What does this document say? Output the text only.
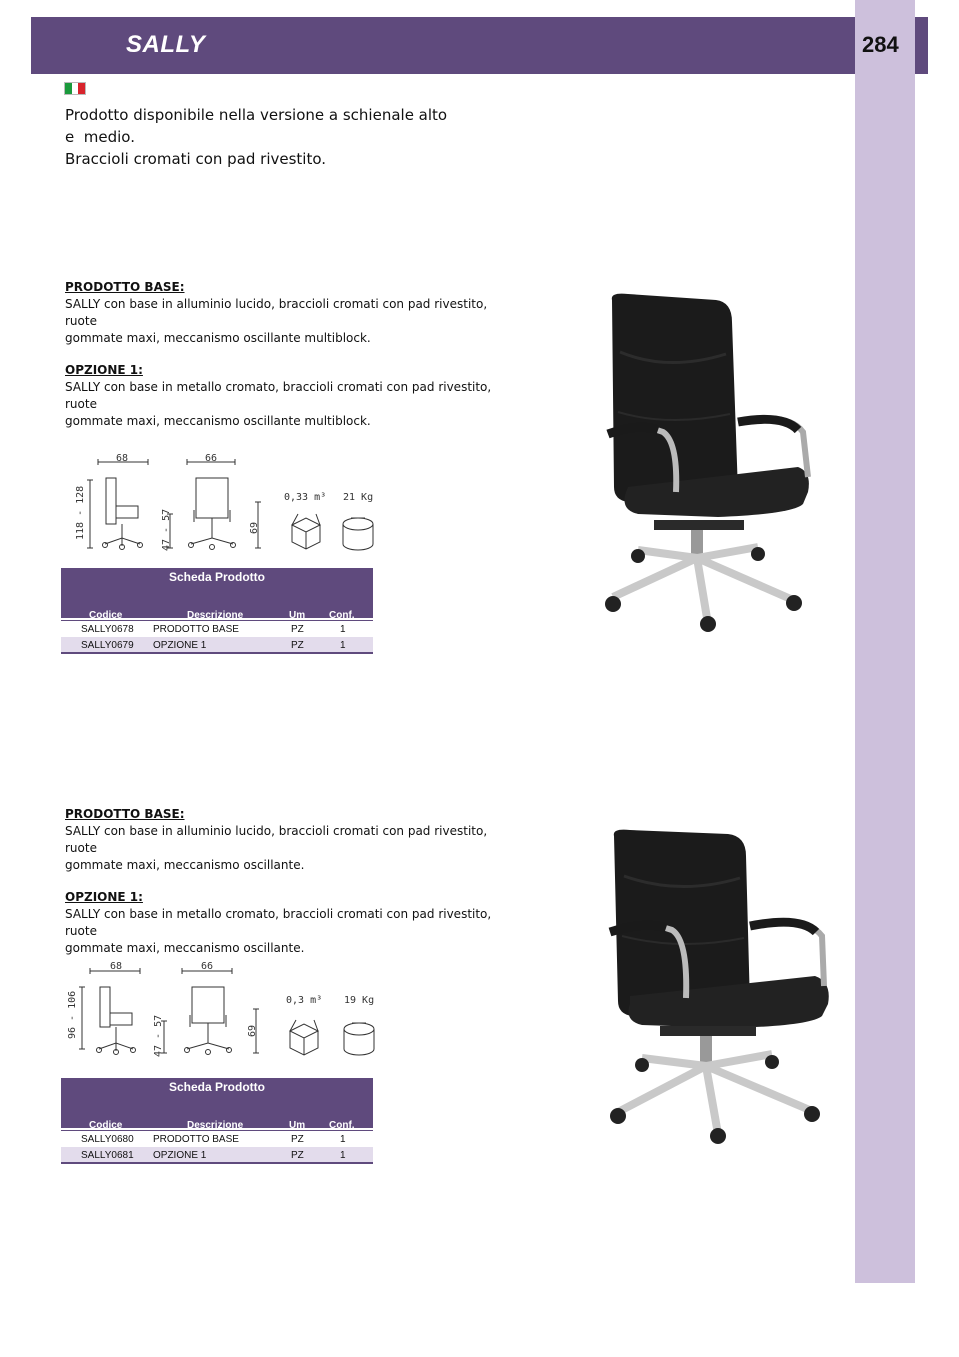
SALLY	284
Prodotto disponibile nella versione a schienale alto
e  medio.
Braccioli cromati con pad rivestito.
PRODOTTO BASE:
SALLY con base in alluminio lucido, braccioli cromati con pad rivestito, ruote

gommate maxi, meccanismo oscillante multiblock.

OPZIONE 1:
SALLY con base in metallo cromato, braccioli cromati con pad rivestito, ruote
gommate maxi, meccanismo oscillante multiblock.
68	66
118 - 128	47 - 57	69
0,33 m³ 21 Kg
Scheda Prodotto
Codice	Descrizione	Um Conf.
SALLY0678 PRODOTTO BASE	PZ	1
SALLY0679 OPZIONE 1	PZ	1
PRODOTTO BASE:
SALLY con base in alluminio lucido, braccioli cromati con pad rivestito, ruote

gommate maxi, meccanismo oscillante.

OPZIONE 1:
SALLY con base in metallo cromato, braccioli cromati con pad rivestito, ruote
gommate maxi, meccanismo oscillante.
68	66
96 - 106	47 - 57	69
0,3 m³ 19 Kg
Scheda Prodotto
Codice	Descrizione	Um Conf.
SALLY0680 PRODOTTO BASE	PZ	1
SALLY0681 OPZIONE 1	PZ	1
